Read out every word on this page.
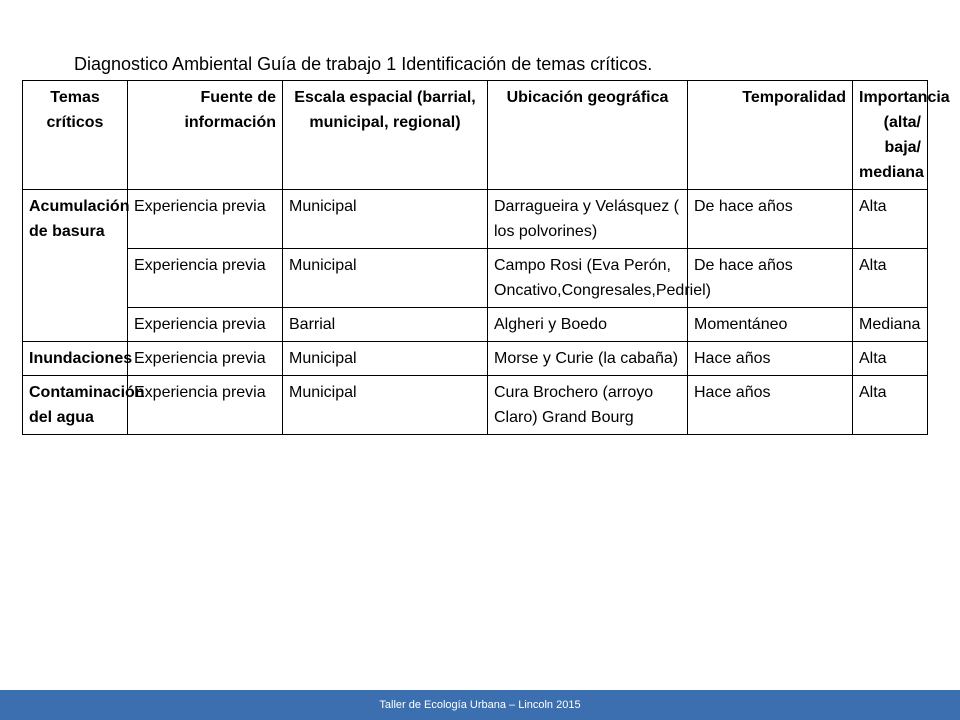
Diagnostico Ambiental Guía de trabajo 1 Identificación de temas críticos.
Temas críticos	Fuente de información	Escala espacial (barrial, municipal, regional)	Ubicación geográfica	Temporalidad	Importancia (alta/ baja/ mediana
Acumulación de basura	Experiencia previa	Municipal	Darragueira y Velásquez ( los polvorines)	De hace años	Alta
	Experiencia previa	Municipal	Campo Rosi (Eva Perón, Oncativo,Congresales,Pedriel)	De hace años	Alta
	Experiencia previa	Barrial	Algheri y Boedo	Momentáneo	Mediana
Inundaciones	Experiencia previa	Municipal	Morse y Curie (la cabaña)	Hace años	Alta
Contaminación del agua	Experiencia previa	Municipal	Cura Brochero (arroyo Claro) Grand Bourg	Hace años	Alta
Taller de Ecología Urbana – Lincoln 2015
